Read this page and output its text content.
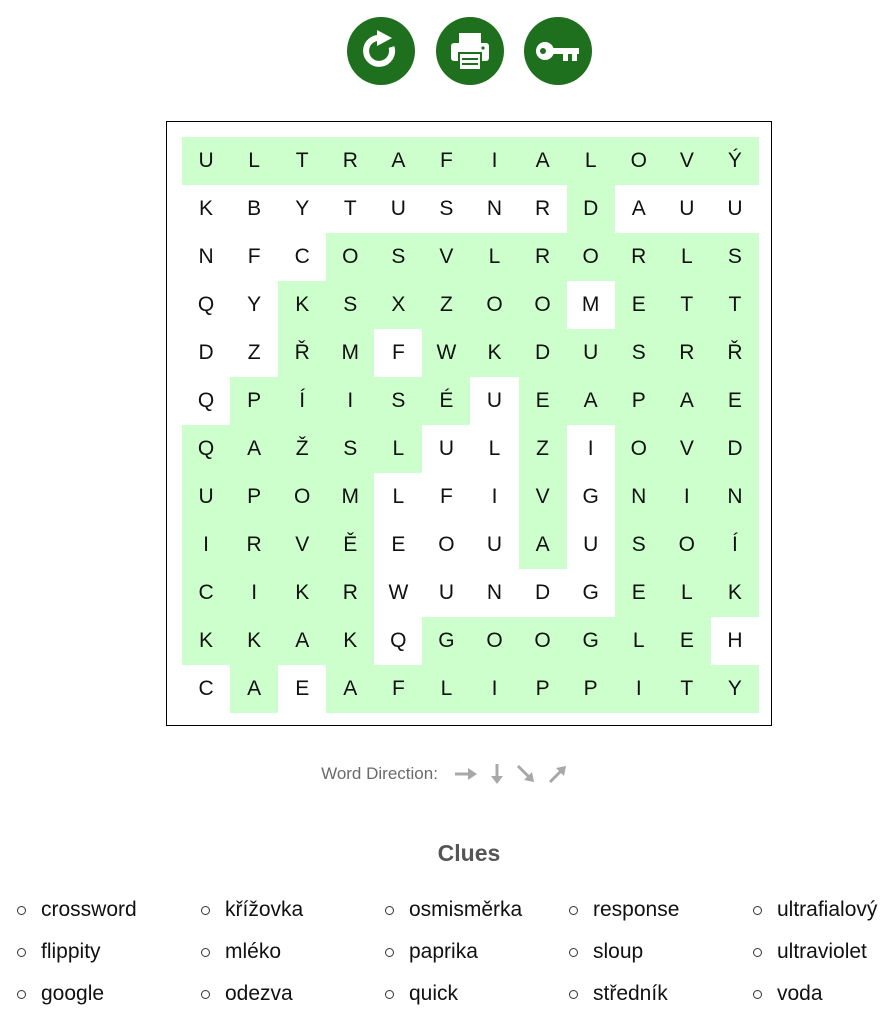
U	L	T	R	A	F	I	A	L	O	V	Ý
K	B	Y	T	U	S	N	R	D	A	U	U
N	F	C	O	S	V	L	R	O	R	L	S
Q	Y	K	S	X	Z	O	O	M	E	T	T
D	Z	Ř	M	F	W	K	D	U	S	R	Ř
Q	P	Í	I	S	É	U	E	A	P	A	E
Q	A	Ž	S	L	U	L	Z	I	O	V	D
U	P	O	M	L	F	I	V	G	N	I	N
I	R	V	Ě	E	O	U	A	U	S	O	Í
C	I	K	R	W	U	N	D	G	E	L	K
K	K	A	K	Q	G	O	O	G	L	E	H
C	A	E	A	F	L	I	P	P	I	T	Y
Word Direction:
Clues
crossword	křížovka	osmisměrka	response	ultrafialový
flippity	mléko	paprika	sloup	ultraviolet
google	odezva	quick	středník	voda
